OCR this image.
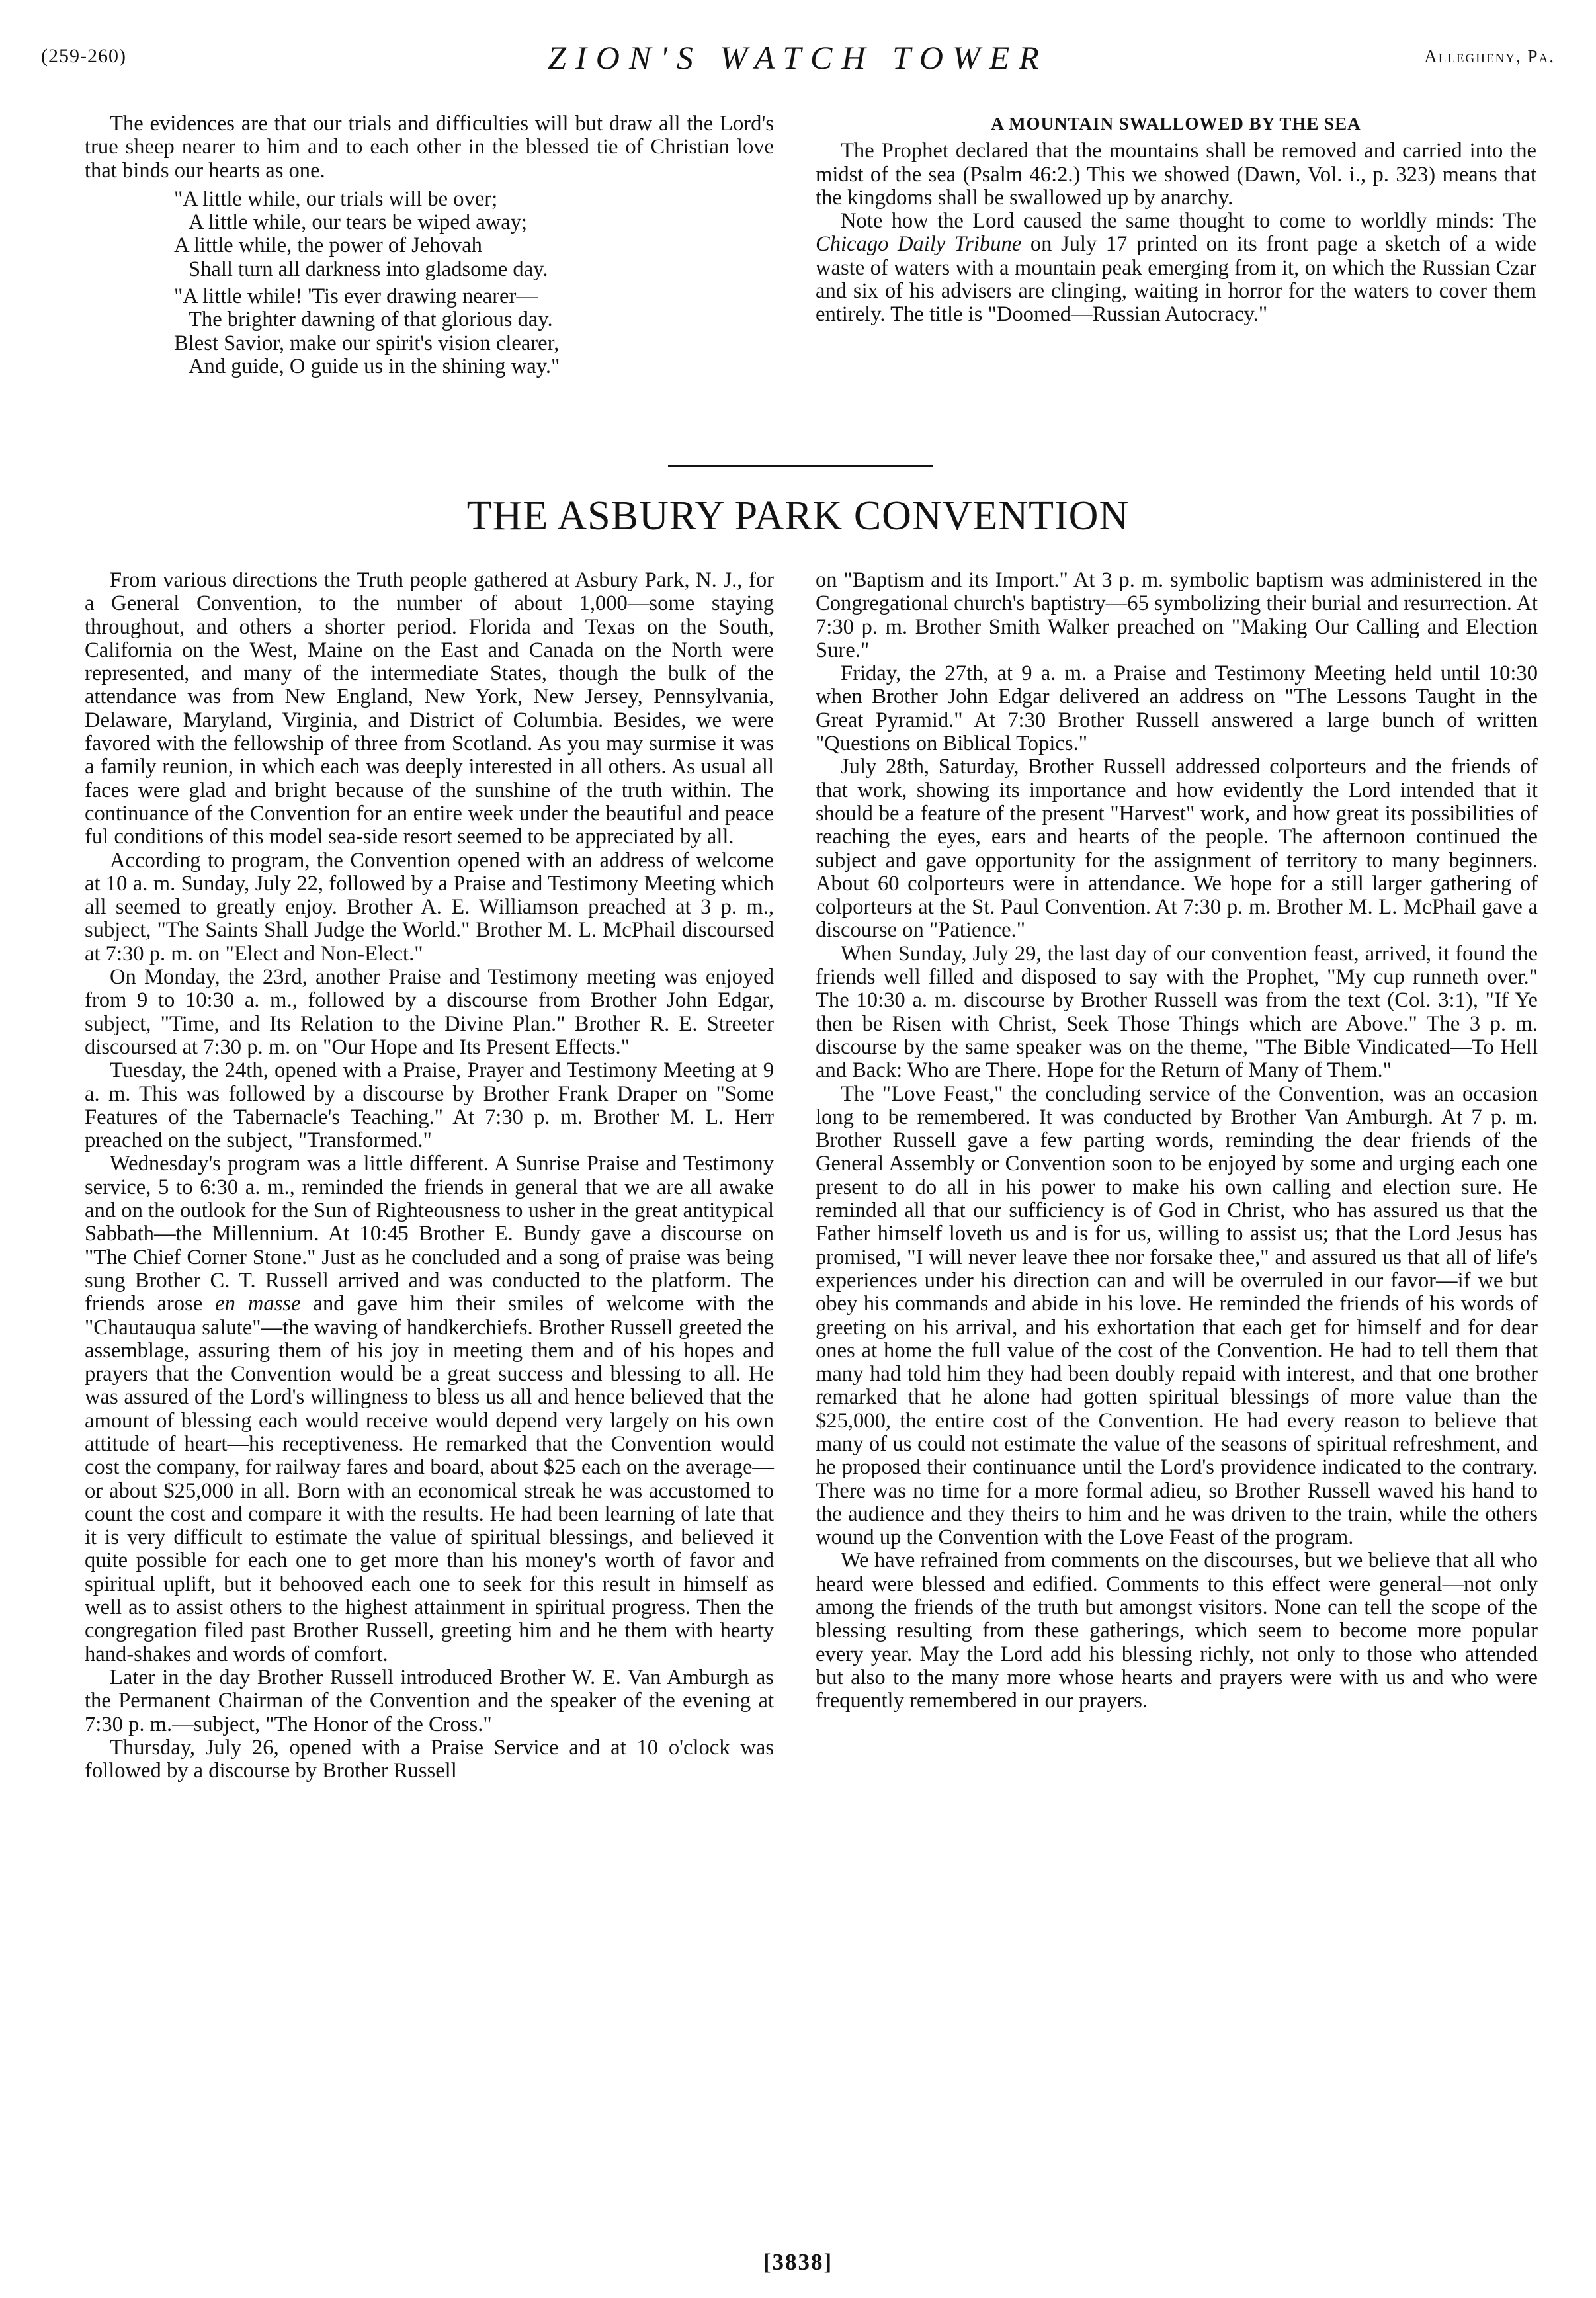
(259-260)	ZION'S WATCH TOWER	Allegheny, Pa.

The evidences are that our trials and difficulties will but draw all the Lord's true sheep nearer to him and to each other in the blessed tie of Christian love that binds our hearts as one.

"A little while, our trials will be over;
A little while, our tears be wiped away;
A little while, the power of Jehovah
Shall turn all darkness into gladsome day.
"A little while! 'Tis ever drawing nearer—
The brighter dawning of that glorious day.
Blest Savior, make our spirit's vision clearer,
And guide, O guide us in the shining way."
A MOUNTAIN SWALLOWED BY THE SEA

The Prophet declared that the mountains shall be removed and carried into the midst of the sea (Psalm 46:2.) This we showed (Dawn, Vol. i., p. 323) means that the kingdoms shall be swallowed up by anarchy.

Note how the Lord caused the same thought to come to worldly minds: The Chicago Daily Tribune on July 17 printed on its front page a sketch of a wide waste of waters with a mountain peak emerging from it, on which the Russian Czar and six of his advisers are clinging, waiting in horror for the waters to cover them entirely. The title is "Doomed—Russian Autocracy."

THE ASBURY PARK CONVENTION

From various directions the Truth people gathered at Asbury Park, N. J., for a General Convention, to the number of about 1,000—some staying throughout, and others a shorter period. Florida and Texas on the South, California on the West, Maine on the East and Canada on the North were represented, and many of the intermediate States, though the bulk of the attendance was from New England, New York, New Jersey, Pennsylvania, Delaware, Maryland, Virginia, and District of Columbia. Besides, we were favored with the fellowship of three from Scotland. As you may surmise it was a family reunion, in which each was deeply interested in all others. As usual all faces were glad and bright because of the sunshine of the truth within. The continuance of the Convention for an entire week under the beautiful and peace ful conditions of this model sea-side resort seemed to be appreciated by all.

According to program, the Convention opened with an address of welcome at 10 a. m. Sunday, July 22, followed by a Praise and Testimony Meeting which all seemed to greatly enjoy. Brother A. E. Williamson preached at 3 p. m., subject, "The Saints Shall Judge the World." Brother M. L. McPhail discoursed at 7:30 p. m. on "Elect and Non-Elect."

On Monday, the 23rd, another Praise and Testimony meeting was enjoyed from 9 to 10:30 a. m., followed by a discourse from Brother John Edgar, subject, "Time, and Its Relation to the Divine Plan." Brother R. E. Streeter discoursed at 7:30 p. m. on "Our Hope and Its Present Effects."

Tuesday, the 24th, opened with a Praise, Prayer and Testimony Meeting at 9 a. m. This was followed by a discourse by Brother Frank Draper on "Some Features of the Tabernacle's Teaching." At 7:30 p. m. Brother M. L. Herr preached on the subject, "Transformed."

Wednesday's program was a little different. A Sunrise Praise and Testimony service, 5 to 6:30 a. m., reminded the friends in general that we are all awake and on the outlook for the Sun of Righteousness to usher in the great antitypical Sabbath—the Millennium. At 10:45 Brother E. Bundy gave a discourse on "The Chief Corner Stone." Just as he concluded and a song of praise was being sung Brother C. T. Russell arrived and was conducted to the platform. The friends arose en masse and gave him their smiles of welcome with the "Chautauqua salute"—the waving of handkerchiefs. Brother Russell greeted the assemblage, assuring them of his joy in meeting them and of his hopes and prayers that the Convention would be a great success and blessing to all. He was assured of the Lord's willingness to bless us all and hence believed that the amount of blessing each would receive would depend very largely on his own attitude of heart—his receptiveness. He remarked that the Convention would cost the company, for railway fares and board, about $25 each on the average—or about $25,000 in all. Born with an economical streak he was accustomed to count the cost and compare it with the results. He had been learning of late that it is very difficult to estimate the value of spiritual blessings, and believed it quite possible for each one to get more than his money's worth of favor and spiritual uplift, but it behooved each one to seek for this result in himself as well as to assist others to the highest attainment in spiritual progress. Then the congregation filed past Brother Russell, greeting him and he them with hearty hand-shakes and words of comfort.

Later in the day Brother Russell introduced Brother W. E. Van Amburgh as the Permanent Chairman of the Convention and the speaker of the evening at 7:30 p. m.—subject, "The Honor of the Cross."

Thursday, July 26, opened with a Praise Service and at 10 o'clock was followed by a discourse by Brother Russell

on "Baptism and its Import." At 3 p. m. symbolic baptism was administered in the Congregational church's baptistry—65 symbolizing their burial and resurrection. At 7:30 p. m. Brother Smith Walker preached on "Making Our Calling and Election Sure."

Friday, the 27th, at 9 a. m. a Praise and Testimony Meeting held until 10:30 when Brother John Edgar delivered an address on "The Lessons Taught in the Great Pyramid." At 7:30 Brother Russell answered a large bunch of written "Questions on Biblical Topics."

July 28th, Saturday, Brother Russell addressed colporteurs and the friends of that work, showing its importance and how evidently the Lord intended that it should be a feature of the present "Harvest" work, and how great its possibilities of reaching the eyes, ears and hearts of the people. The afternoon continued the subject and gave opportunity for the assignment of territory to many beginners. About 60 colporteurs were in attendance. We hope for a still larger gathering of colporteurs at the St. Paul Convention. At 7:30 p. m. Brother M. L. McPhail gave a discourse on "Patience."

When Sunday, July 29, the last day of our convention feast, arrived, it found the friends well filled and disposed to say with the Prophet, "My cup runneth over." The 10:30 a. m. discourse by Brother Russell was from the text (Col. 3:1), "If Ye then be Risen with Christ, Seek Those Things which are Above." The 3 p. m. discourse by the same speaker was on the theme, "The Bible Vindicated—To Hell and Back: Who are There. Hope for the Return of Many of Them."

The "Love Feast," the concluding service of the Convention, was an occasion long to be remembered. It was conducted by Brother Van Amburgh. At 7 p. m. Brother Russell gave a few parting words, reminding the dear friends of the General Assembly or Convention soon to be enjoyed by some and urging each one present to do all in his power to make his own calling and election sure. He reminded all that our sufficiency is of God in Christ, who has assured us that the Father himself loveth us and is for us, willing to assist us; that the Lord Jesus has promised, "I will never leave thee nor forsake thee," and assured us that all of life's experiences under his direction can and will be overruled in our favor—if we but obey his commands and abide in his love. He reminded the friends of his words of greeting on his arrival, and his exhortation that each get for himself and for dear ones at home the full value of the cost of the Convention. He had to tell them that many had told him they had been doubly repaid with interest, and that one brother remarked that he alone had gotten spiritual blessings of more value than the $25,000, the entire cost of the Convention. He had every reason to believe that many of us could not estimate the value of the seasons of spiritual refreshment, and he proposed their continuance until the Lord's providence indicated to the contrary. There was no time for a more formal adieu, so Brother Russell waved his hand to the audience and they theirs to him and he was driven to the train, while the others wound up the Convention with the Love Feast of the program.

We have refrained from comments on the discourses, but we believe that all who heard were blessed and edified. Comments to this effect were general—not only among the friends of the truth but amongst visitors. None can tell the scope of the blessing resulting from these gatherings, which seem to become more popular every year. May the Lord add his blessing richly, not only to those who attended but also to the many more whose hearts and prayers were with us and who were frequently remembered in our prayers.

[3838]
